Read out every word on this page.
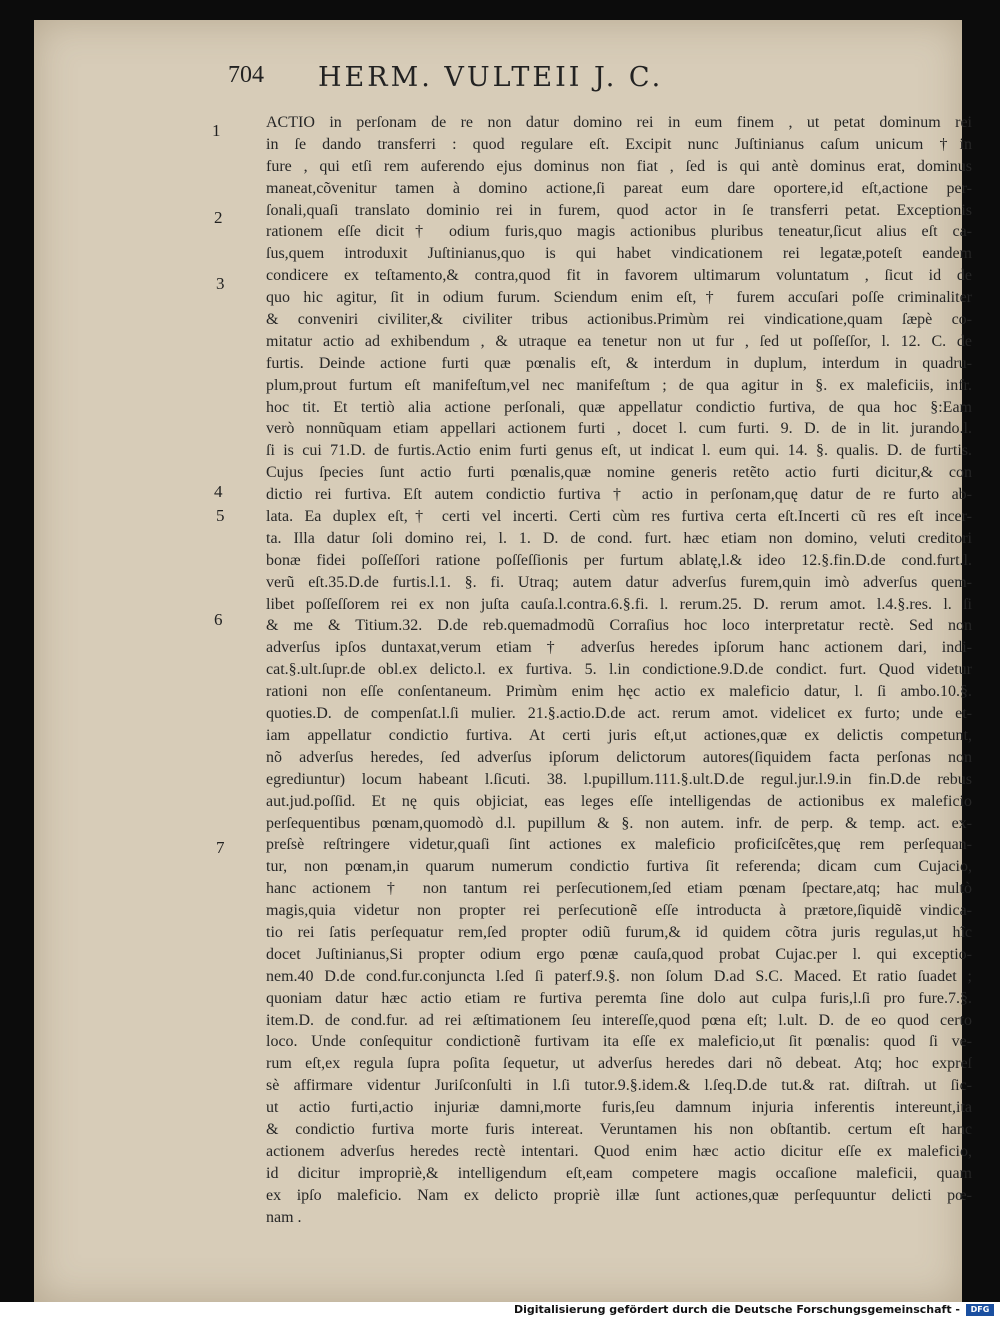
704 HERM. VULTEII J. C.
1
2
3
4
5
6
7
ACTIO in perſonam de re non datur domino rei in eum finem , ut petat dominum rei
in ſe dando transferri : quod regulare eſt. Excipit nunc Juſtinianus caſum unicum †in
fure , qui etſi rem auferendo ejus dominus non fiat , ſed is qui antè dominus erat, dominus
maneat,cõvenitur tamen à domino actione,ſi pareat eum dare oportere,id eſt,actione per-
ſonali,quaſi translato dominio rei in furem, quod actor in ſe transferri petat. Exceptionis
rationem eſſe dicit† odium furis,quo magis actionibus pluribus teneatur,ſicut alius eſt ca-
ſus,quem introduxit Juſtinianus,quo is qui habet vindicationem rei legatæ,poteſt eandem
condicere ex teſtamento,& contra,quod fit in favorem ultimarum voluntatum , ſicut id de
quo hic agitur, ſit in odium furum. Sciendum enim eſt,† furem accuſari poſſe criminaliter
& conveniri civiliter,& civiliter tribus actionibus.Primùm rei vindicatione,quam ſæpè co-
mitatur actio ad exhibendum , & utraque ea tenetur non ut fur , ſed ut poſſeſſor, l. 12. C. de
furtis. Deinde actione furti quæ pœnalis eſt, & interdum in duplum, interdum in quadru-
plum,prout furtum eſt manifeſtum,vel nec manifeſtum ; de qua agitur in §. ex maleficiis, infr.
hoc tit. Et tertiò alia actione perſonali, quæ appellatur condictio furtiva, de qua hoc §:Eam
verò nonnũquam etiam appellari actionem furti , docet l. cum furti. 9. D. de in lit. jurando.l.
ſi is cui 71.D. de furtis.Actio enim furti genus eſt, ut indicat l. eum qui. 14. §. qualis. D. de furtis.
Cujus ſpecies ſunt actio furti pœnalis,quæ nomine generis retẽto actio furti dicitur,& con
dictio rei furtiva. Eſt autem condictio furtiva † actio in perſonam,quę datur de re furto ab-
lata. Ea duplex eſt,† certi vel incerti. Certi cùm res furtiva certa eſt.Incerti cũ res eſt incer-
ta. Illa datur ſoli domino rei, l. 1. D. de cond. furt. hæc etiam non domino, veluti creditori
bonæ fidei poſſeſſori ratione poſſeſſionis per furtum ablatę,l.& ideo 12.§.fin.D.de cond.furt.l.
verũ eſt.35.D.de furtis.l.1. §. fi. Utraq; autem datur adverſus furem,quin imò adverſus quem-
libet poſſeſſorem rei ex non juſta cauſa.l.contra.6.§.fi. l. rerum.25. D. rerum amot. l.4.§.res. l. ſi
& me & Titium.32. D.de reb.quemadmodũ Corraſius hoc loco interpretatur rectè. Sed non
adverſus ipſos duntaxat,verum etiam † adverſus heredes ipſorum hanc actionem dari, indi-
cat.§.ult.ſupr.de obl.ex delicto.l. ex furtiva. 5. l.in condictione.9.D.de condict. furt. Quod videtur
rationi non eſſe conſentaneum. Primùm enim hęc actio ex maleficio datur, l. ſi ambo.10.§.
quoties.D. de compenſat.l.ſi mulier. 21.§.actio.D.de act. rerum amot. videlicet ex furto; unde et-
iam appellatur condictio furtiva. At certi juris eſt,ut actiones,quæ ex delictis competunt,
nõ adverſus heredes, ſed adverſus ipſorum delictorum autores(ſiquidem facta perſonas non
egrediuntur) locum habeant l.ſicuti. 38. l.pupillum.111.§.ult.D.de regul.jur.l.9.in fin.D.de rebus
aut.jud.poſſid. Et nę quis objiciat, eas leges eſſe intelligendas de actionibus ex maleficio
perſequentibus pœnam,quomodò d.l. pupillum & §. non autem. infr. de perp. & temp. act. ex-
preſsè reſtringere videtur,quaſi ſint actiones ex maleficio proficiſcẽtes,quę rem perſequan-
tur, non pœnam,in quarum numerum condictio furtiva ſit referenda; dicam cum Cujacio,
hanc actionem † non tantum rei perſecutionem,ſed etiam pœnam ſpectare,atq; hac multò
magis,quia videtur non propter rei perſecutionẽ eſſe introducta à prætore,ſiquidẽ vindica-
tio rei ſatis perſequatur rem,ſed propter odiũ furum,& id quidem cõtra juris regulas,ut hîc
docet Juſtinianus,Si propter odium ergo pœnæ cauſa,quod probat Cujac.per l. qui exceptio-
nem.40 D.de cond.fur.conjuncta l.ſed ſi paterf.9.§. non ſolum D.ad S.C. Maced. Et ratio ſuadet ;
quoniam datur hæc actio etiam re furtiva peremta ſine dolo aut culpa furis,l.ſi pro fure.7.§.
item.D. de cond.fur. ad rei æſtimationem ſeu intereſſe,quod pœna eſt; l.ult. D. de eo quod certo
loco. Unde conſequitur condictionẽ furtivam ita eſſe ex maleficio,ut ſit pœnalis: quod ſi ve-
rum eſt,ex regula ſupra poſita ſequetur, ut adverſus heredes dari nõ debeat. Atq; hoc expreſ
sè affirmare videntur Juriſconſulti in l.ſi tutor.9.§.idem.& l.ſeq.D.de tut.& rat. diſtrah. ut ſic-
ut actio furti,actio injuriæ damni,morte furis,ſeu damnum injuria inferentis intereunt,ita
& condictio furtiva morte furis intereat. Veruntamen his non obſtantib. certum eſt hanc
actionem adverſus heredes rectè intentari. Quod enim hæc actio dicitur eſſe ex maleficio,
id dicitur impropriè,& intelligendum eſt,eam competere magis occaſione maleficii, quam
ex ipſo maleficio. Nam ex delicto propriè illæ ſunt actiones,quæ perſequuntur delicti pœ-
nam .
Digitalisierung gefördert durch die Deutsche Forschungsgemeinschaft -	DFG
